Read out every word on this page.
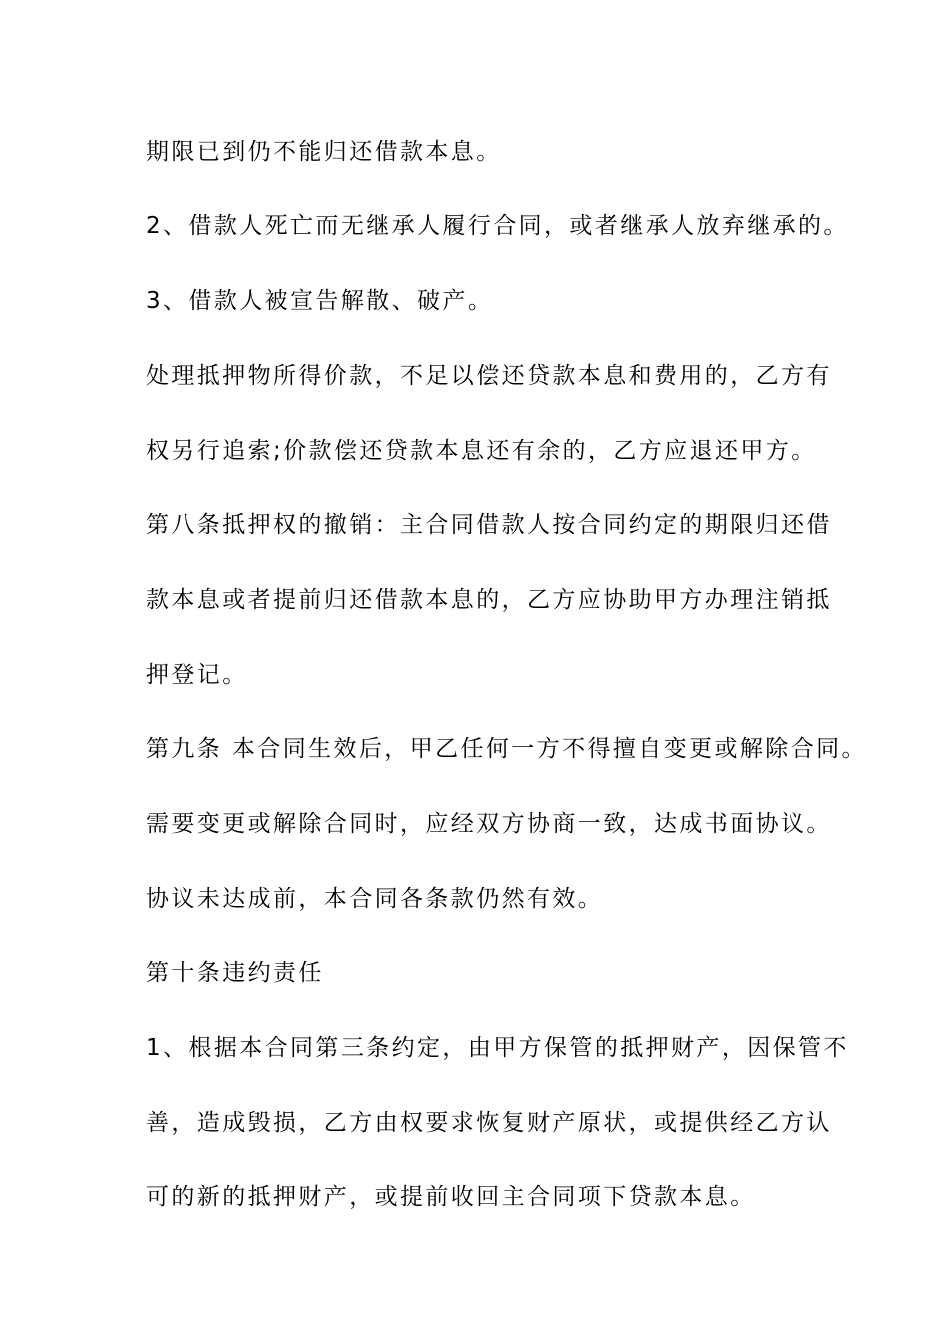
期限已到仍不能归还借款本息。
2、借款人死亡而无继承人履行合同，或者继承人放弃继承的。
3、借款人被宣告解散、破产。
处理抵押物所得价款，不足以偿还贷款本息和费用的，乙方有
权另行追索;价款偿还贷款本息还有余的，乙方应退还甲方。
第八条抵押权的撤销：主合同借款人按合同约定的期限归还借
款本息或者提前归还借款本息的，乙方应协助甲方办理注销抵
押登记。
第九条 本合同生效后，甲乙任何一方不得擅自变更或解除合同。
需要变更或解除合同时，应经双方协商一致，达成书面协议。
协议未达成前，本合同各条款仍然有效。
第十条违约责任
1、根据本合同第三条约定，由甲方保管的抵押财产，因保管不
善，造成毁损，乙方由权要求恢复财产原状，或提供经乙方认
可的新的抵押财产，或提前收回主合同项下贷款本息。
